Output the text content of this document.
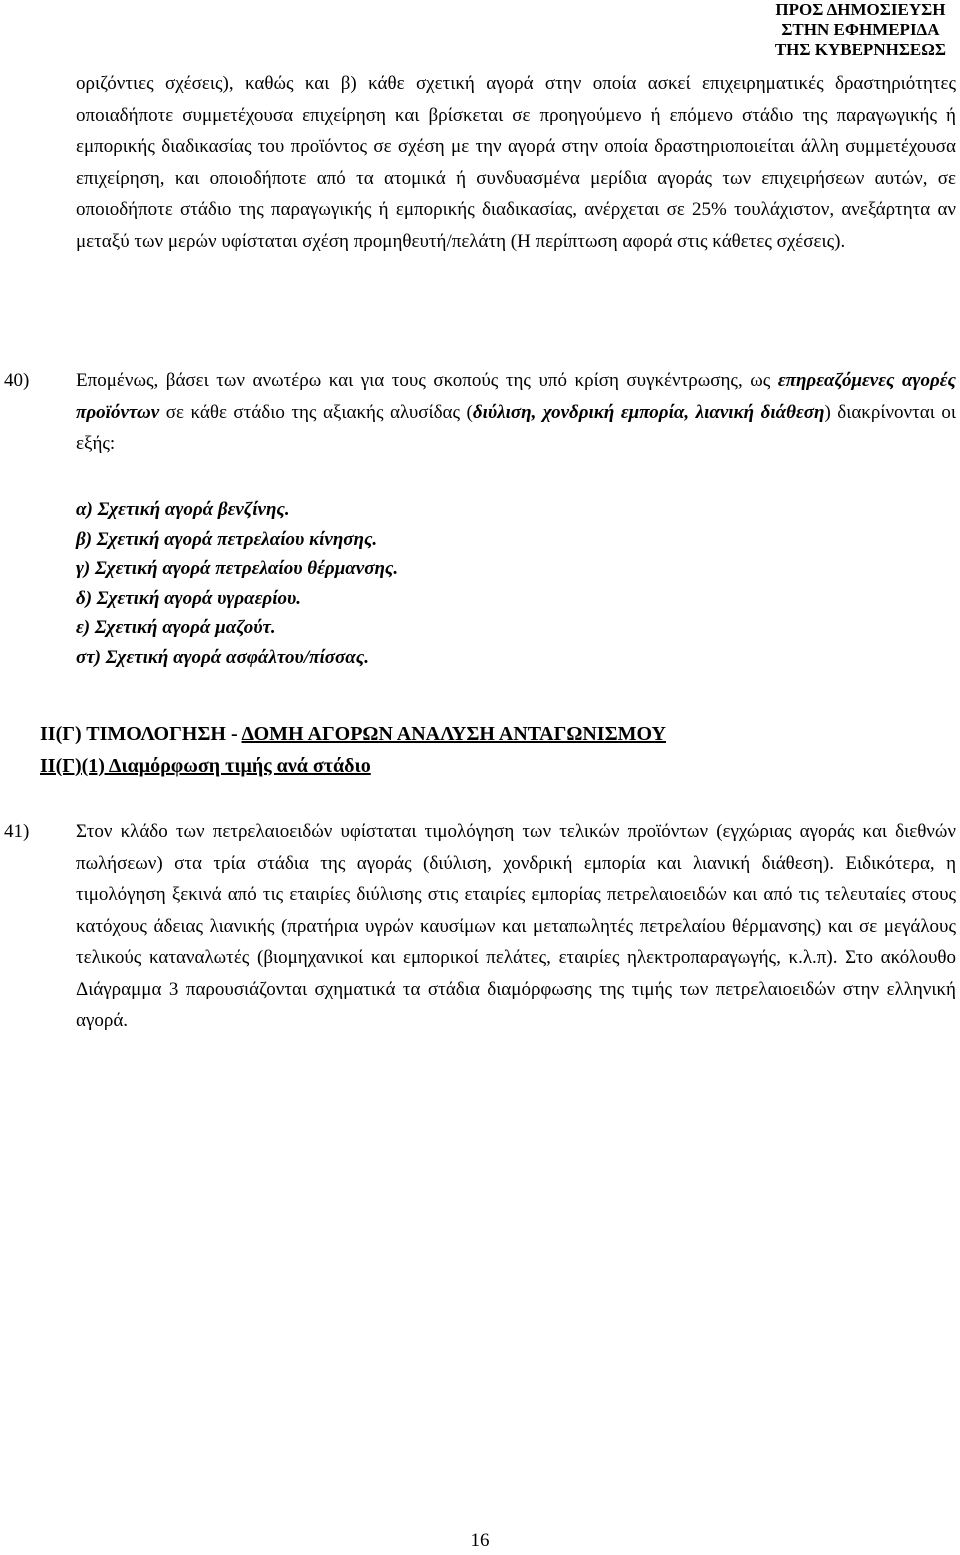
ΠΡΟΣ ΔΗΜΟΣΙΕΥΣΗ
ΣΤΗΝ ΕΦΗΜΕΡΙΔΑ
ΤΗΣ ΚΥΒΕΡΝΗΣΕΩΣ

οριζόντιες σχέσεις), καθώς και β) κάθε σχετική αγορά στην οποία ασκεί επιχειρηματικές δραστηριότητες οποιαδήποτε συμμετέχουσα επιχείρηση και βρίσκεται σε προηγούμενο ή επόμενο στάδιο της παραγωγικής ή εμπορικής διαδικασίας του προϊόντος σε σχέση με την αγορά στην οποία δραστηριοποιείται άλλη συμμετέχουσα επιχείρηση, και οποιοδήποτε από τα ατομικά ή συνδυασμένα μερίδια αγοράς των επιχειρήσεων αυτών, σε οποιοδήποτε στάδιο της παραγωγικής ή εμπορικής διαδικασίας, ανέρχεται σε 25% τουλάχιστον, ανεξάρτητα αν μεταξύ των μερών υφίσταται σχέση προμηθευτή/πελάτη (Η περίπτωση αφορά στις κάθετες σχέσεις).

40) Επομένως, βάσει των ανωτέρω και για τους σκοπούς της υπό κρίση συγκέντρωσης, ως επηρεαζόμενες αγορές προϊόντων σε κάθε στάδιο της αξιακής αλυσίδας (διύλιση, χονδρική εμπορία, λιανική διάθεση) διακρίνονται οι εξής:

α) Σχετική αγορά βενζίνης.
β) Σχετική αγορά πετρελαίου κίνησης.
γ) Σχετική αγορά πετρελαίου θέρμανσης.
δ) Σχετική αγορά υγραερίου.
ε) Σχετική αγορά μαζούτ.
στ) Σχετική αγορά ασφάλτου/πίσσας.
ΙΙ(Γ) ΤΙΜΟΛΟΓΗΣΗ - ΔΟΜΗ ΑΓΟΡΩΝ ΑΝΑΛΥΣΗ ΑΝΤΑΓΩΝΙΣΜΟΥ
ΙΙ(Γ)(1) Διαμόρφωση τιμής ανά στάδιο
41) Στον κλάδο των πετρελαιοειδών υφίσταται τιμολόγηση των τελικών προϊόντων (εγχώριας αγοράς και διεθνών πωλήσεων) στα τρία στάδια της αγοράς (διύλιση, χονδρική εμπορία και λιανική διάθεση). Ειδικότερα, η τιμολόγηση ξεκινά από τις εταιρίες διύλισης στις εταιρίες εμπορίας πετρελαιοειδών και από τις τελευταίες στους κατόχους άδειας λιανικής (πρατήρια υγρών καυσίμων και μεταπωλητές πετρελαίου θέρμανσης) και σε μεγάλους τελικούς καταναλωτές (βιομηχανικοί και εμπορικοί πελάτες, εταιρίες ηλεκτροπαραγωγής, κ.λ.π). Στο ακόλουθο Διάγραμμα 3 παρουσιάζονται σχηματικά τα στάδια διαμόρφωσης της τιμής των πετρελαιοειδών στην ελληνική αγορά.

16
